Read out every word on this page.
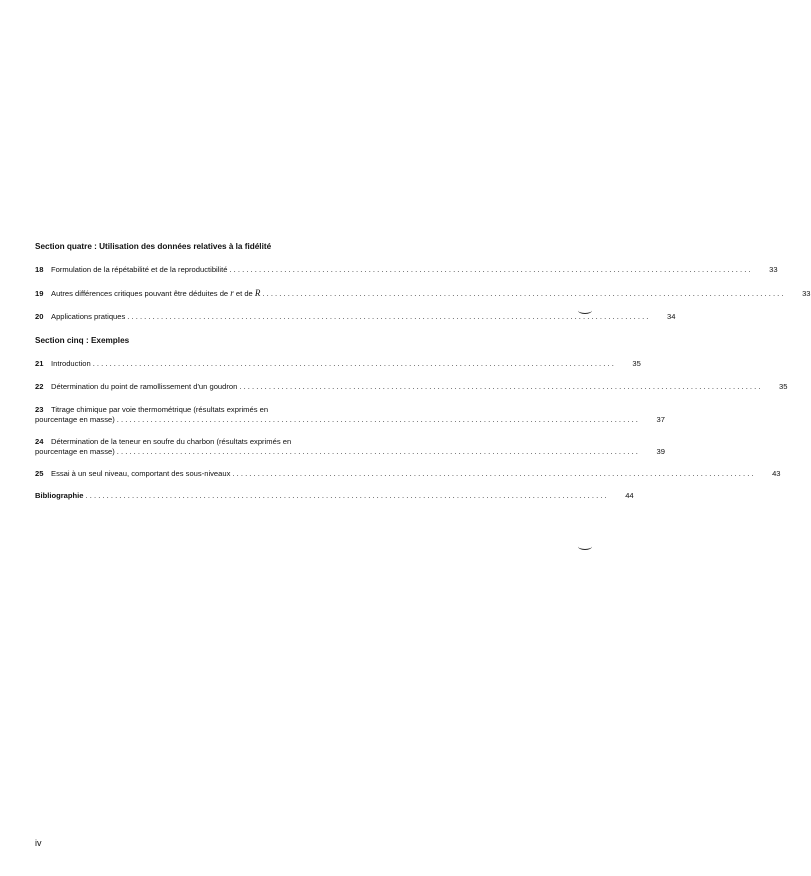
Section quatre : Utilisation des données relatives à la fidélité
18 Formulation de la répétabilité et de la reproductibilité . . .	33
19 Autres différences critiques pouvant être déduites de r et de R . . .	33
20 Applications pratiques . . .	34
Section cinq : Exemples
21 Introduction . . .	35
22 Détermination du point de ramollissement d'un goudron . . .	35
23 Titrage chimique par voie thermométrique (résultats exprimés en
pourcentage en masse) . . .	37
24 Détermination de la teneur en soufre du charbon (résultats exprimés en
pourcentage en masse) . . .	39
25 Essai à un seul niveau, comportant des sous-niveaux . . .	43
Bibliographie . . .	44
iv
